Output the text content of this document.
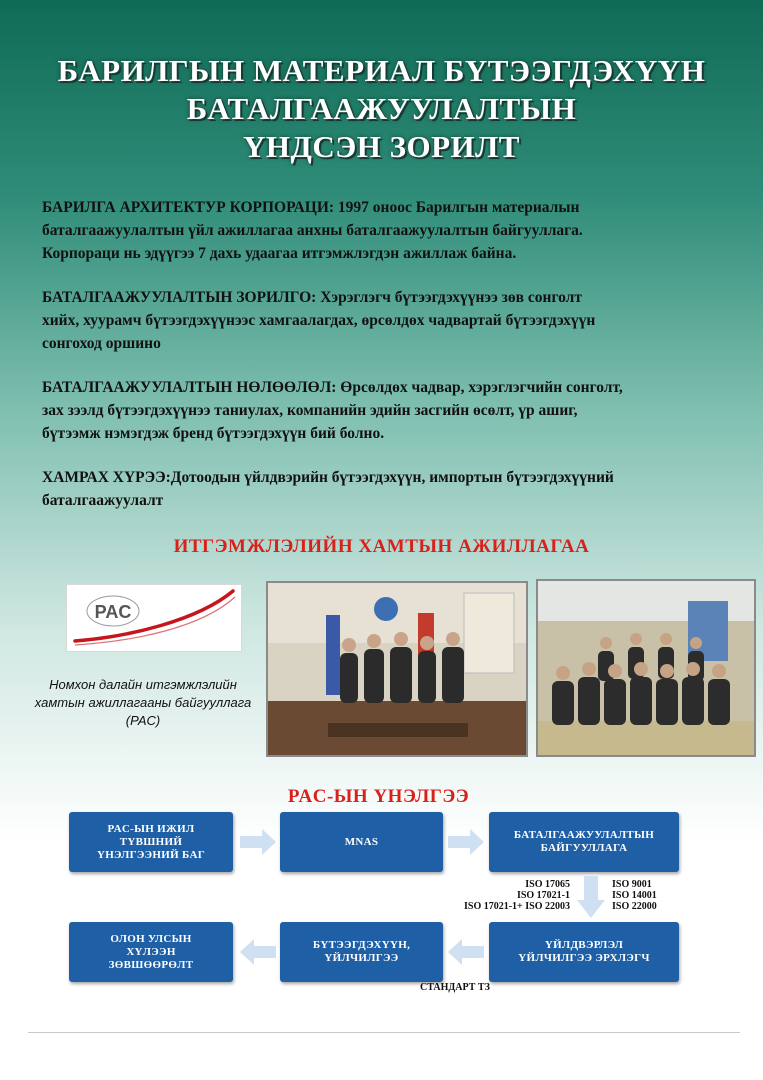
БАРИЛГЫН МАТЕРИАЛ БҮТЭЭГДЭХҮҮН
БАТАЛГААЖУУЛАЛТЫН
ҮНДСЭН ЗОРИЛТ
БАРИЛГА АРХИТЕКТУР КОРПОРАЦИ: 1997 оноос Барилгын материалын
баталгаажуулалтын үйл ажиллагаа анхны баталгаажуулалтын байгууллага.
Корпораци нь эдүүгээ 7 дахь удаагаа итгэмжлэгдэн ажиллаж байна.
БАТАЛГААЖУУЛАЛТЫН ЗОРИЛГО: Хэрэглэгч бүтээгдэхүүнээ зөв сонголт
хийх, хуурамч бүтээгдэхүүнээс хамгаалагдах, өрсөлдөх чадвартай бүтээгдэхүүн
сонгоход оршино
БАТАЛГААЖУУЛАЛТЫН НӨЛӨӨЛӨЛ: Өрсөлдөх чадвар, хэрэглэгчийн сонголт,
зах зээлд бүтээгдэхүүнээ таниулах, компанийн эдийн засгийн өсөлт, үр ашиг,
бүтээмж нэмэгдэж бренд бүтээгдэхүүн бий болно.
ХАМРАХ ХҮРЭЭ:Дотоодын үйлдвэрийн бүтээгдэхүүн, импортын бүтээгдэхүүний
баталгаажуулалт
ИТГЭМЖЛЭЛИЙН ХАМТЫН АЖИЛЛАГАА
PAC
Номхон далайн итгэмжлэлийн
хамтын ажиллагааны байгууллага
(PAC)
PAC-ЫН ҮНЭЛГЭЭ
PAC-ЫН ИЖИЛ
ТҮВШНИЙ
ҮНЭЛГЭЭНИЙ БАГ
MNAS
БАТАЛГААЖУУЛАЛТЫН
БАЙГУУЛЛАГА
ОЛОН УЛСЫН
ХҮЛЭЭН
ЗӨВШӨӨРӨЛТ
БҮТЭЭГДЭХҮҮН,
ҮЙЛЧИЛГЭЭ
ҮЙЛДВЭРЛЭЛ
ҮЙЛЧИЛГЭЭ ЭРХЛЭГЧ
ISO 17065
ISO 17021-1
ISO 17021-1+ ISO 22003
ISO 9001
ISO 14001
ISO 22000
СТАНДАРТ ТЗ
